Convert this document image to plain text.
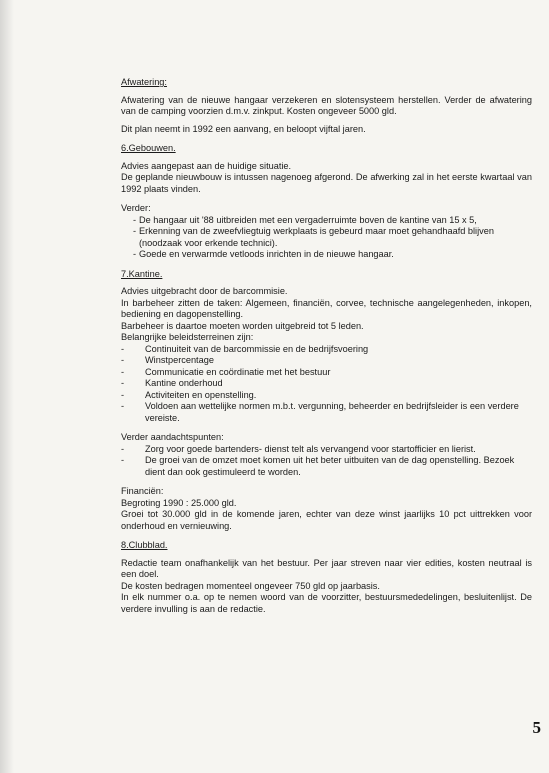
Afwatering:

Afwatering van de nieuwe hangaar verzekeren en slotensysteem herstellen. Verder de afwatering van de camping voorzien d.m.v. zinkput. Kosten ongeveer 5000 gld.

Dit plan neemt in 1992 een aanvang, en beloopt vijftal jaren.

6.Gebouwen.

Advies aangepast aan de huidige situatie.

De geplande nieuwbouw is intussen nagenoeg afgerond. De afwerking zal in het eerste kwartaal van 1992 plaats vinden.

Verder:

- De hangaar uit '88 uitbreiden met een vergaderruimte boven de kantine van 15 x 5,
- Erkenning van de zweefvliegtuig werkplaats is gebeurd maar moet gehandhaafd blijven (noodzaak voor erkende technici).
- Goede en verwarmde vetloods inrichten in de nieuwe hangaar.

7.Kantine.

Advies uitgebracht door de barcommisie.

In barbeheer zitten de taken: Algemeen, financiën, corvee, technische aangelegenheden, inkopen, bediening en dagopenstelling.

Barbeheer is daartoe moeten worden uitgebreid tot 5 leden.

Belangrijke beleidsterreinen zijn:

- Continuiteit van de barcommissie en de bedrijfsvoering
- Winstpercentage
- Communicatie en coördinatie met het bestuur
- Kantine onderhoud
- Activiteiten en openstelling.
- Voldoen aan wettelijke normen m.b.t. vergunning, beheerder en bedrijfsleider is een verdere vereiste.

Verder aandachtspunten:

- Zorg voor goede bartenders- dienst telt als vervangend voor startofficier en lierist.
- De groei van de omzet moet komen uit het beter uitbuiten van de dag openstelling. Bezoek dient dan ook gestimuleerd te worden.

Financiën:

Begroting 1990 : 25.000 gld.

Groei tot 30.000 gld in de komende jaren, echter van deze winst jaarlijks 10 pct uittrekken voor onderhoud en vernieuwing.

8.Clubblad.

Redactie team onafhankelijk van het bestuur. Per jaar streven naar vier edities, kosten neutraal is een doel.

De kosten bedragen momenteel ongeveer 750 gld op jaarbasis.

In elk nummer o.a. op te nemen woord van de voorzitter, bestuursmededelingen, besluitenlijst. De verdere invulling is aan de redactie.

5
